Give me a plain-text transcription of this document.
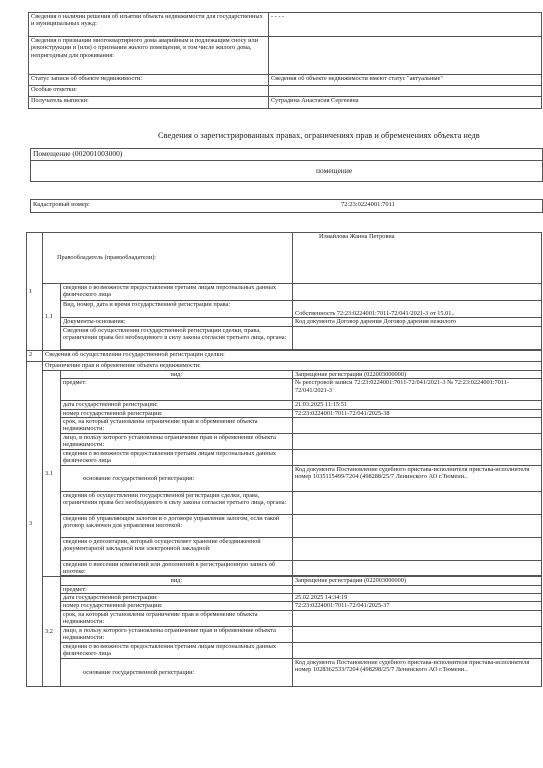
Сведения о наличии решения об изъятии объекта недвижимости для государственных и муниципальных нужд:	- - - -
Сведения о признании многоквартирного дома аварийным и подлежащим сносу или реконструкции и (или) о признании жилого помещения, в том числе жилого дома, непригодным для проживания:	
Статус записи об объекте недвижимости:	Сведения об объекте недвижимости имеют статус "актуальные"
Особые отметки:	
Получатель выписки:	Сутрадина Анастасия Сергеевна
Сведения о зарегистрированных правах, ограничениях прав и обременениях объекта недв
Помещение (002001003000)
помещение
Кадастровый номер:	72:23:0224001:7011
1	Правообладатель (правообладатели):		Измайлова Жанна Петровна
	1.1	сведения о возможности предоставления третьим лицам персональных данных физического лица	
		Вид, номер, дата и время государственной регистрации права:	Собственность 72:23:0224001:7011-72/041/2021-3 от 15.01..
		Документы-основания:	Код документа Договор дарения Договор дарения нежилого
		Сведения об осуществлении государственной регистрации сделки, права, ограничения права без необходимого в силу закона согласия третьего лица, органа:	

2	Сведения об осуществлении государственной регистрации сделки:		
3	Ограничение прав и обременение объекта недвижимости:		
	3.1	вид:	Запрещение регистрации (022003000000)
		предмет:	№ реестровой записи 72:23:0224001:7011-72/041/2021-3 № 72:23:0224001:7011-72/041/2021-3
		дата государственной регистрации:	21.03.2025 11:15:51
		номер государственной регистрации:	72:23:0224001:7011-72/041/2025-38
		срок, на который установлены ограничение прав и обременение объекта недвижимости:	
		лицо, в пользу которого установлены ограничение прав и обременение объекта недвижимости:	
		сведения о возможности предоставления третьим лицам персональных данных физического лица	
		основание государственной регистрации:	Код документа Постановление судебного пристава-исполнителя пристава-исполнителя номер 1035115499/7204 (498288/25/7 Ленинского АО г.Тюмени..
		сведения об осуществлении государственной регистрации сделки, права, ограничения права без необходимого в силу закона согласия третьего лица, органа:	
		сведения об управляющем залогом и о договоре управления залогом, если такой договор заключен для управления ипотекой:	
		сведения о депозитарии, который осуществляет хранение обездвиженной документарной закладной или электронной закладной:	
		сведения о внесении изменений или дополнений в регистрационную запись об ипотеке:	

	3.2	вид:	Запрещение регистрации (022003000000)
		предмет:	
		дата государственной регистрации:	25.02.2025 14:34:19
		номер государственной регистрации:	72:23:0224001:7011-72/041/2025-37
		срок, на который установлены ограничение прав и обременение объекта недвижимости:	
		лицо, в пользу которого установлены ограничение прав и обременение объекта недвижимости:	
		сведения о возможности предоставления третьим лицам персональных данных физического лица	
		основание государственной регистрации:	Код документа Постановление судебного пристава-исполнителя пристава-исполнителя номер 1028362533/7204 (498298/25/7 Ленинского АО г.Тюмени..
